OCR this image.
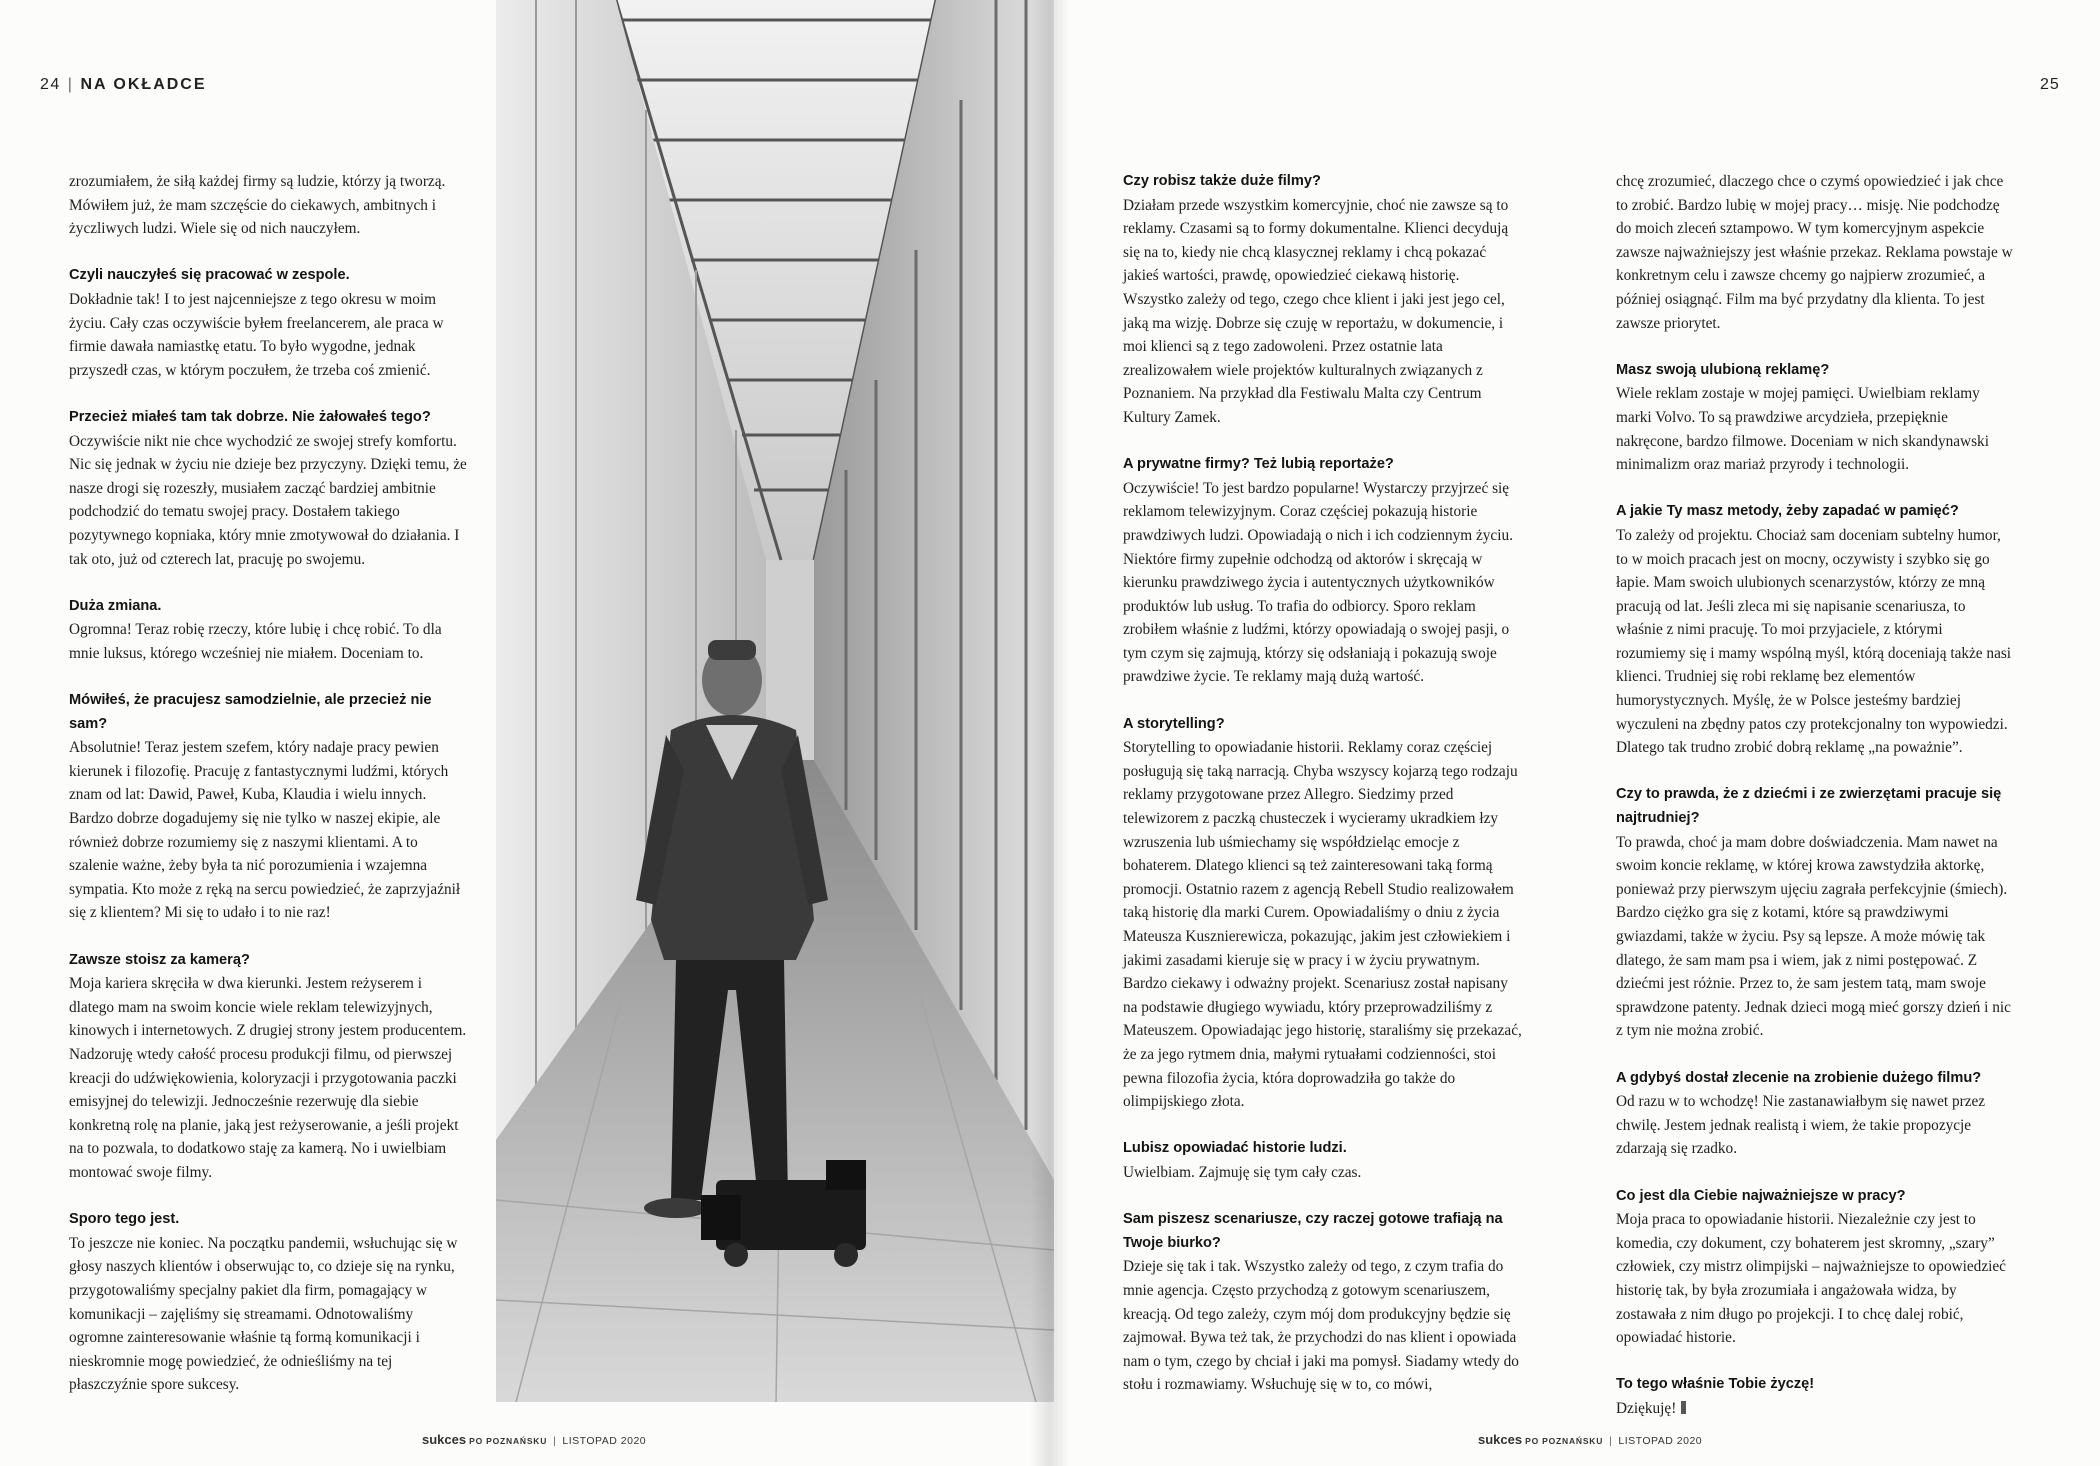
24 | NA OKŁADCE	25

zrozumiałem, że siłą każdej firmy są ludzie, którzy ją tworzą. Mówiłem już, że mam szczęście do ciekawych, ambitnych i życzliwych ludzi. Wiele się od nich nauczyłem.

Czyli nauczyłeś się pracować w zespole.

Dokładnie tak! I to jest najcenniejsze z tego okresu w moim życiu. Cały czas oczywiście byłem freelancerem, ale praca w firmie dawała namiastkę etatu. To było wygodne, jednak przyszedł czas, w którym poczułem, że trzeba coś zmienić.

Przecież miałeś tam tak dobrze. Nie żałowałeś tego?

Oczywiście nikt nie chce wychodzić ze swojej strefy komfortu. Nic się jednak w życiu nie dzieje bez przyczyny. Dzięki temu, że nasze drogi się rozeszły, musiałem zacząć bardziej ambitnie podchodzić do tematu swojej pracy. Dostałem takiego pozytywnego kopniaka, który mnie zmotywował do działania. I tak oto, już od czterech lat, pracuję po swojemu.

Duża zmiana.

Ogromna! Teraz robię rzeczy, które lubię i chcę robić. To dla mnie luksus, którego wcześniej nie miałem. Doceniam to.

Mówiłeś, że pracujesz samodzielnie, ale przecież nie sam?

Absolutnie! Teraz jestem szefem, który nadaje pracy pewien kierunek i filozofię. Pracuję z fantastycznymi ludźmi, których znam od lat: Dawid, Paweł, Kuba, Klaudia i wielu innych. Bardzo dobrze dogadujemy się nie tylko w naszej ekipie, ale również dobrze rozumiemy się z naszymi klientami. A to szalenie ważne, żeby była ta nić porozumienia i wzajemna sympatia. Kto może z ręką na sercu powiedzieć, że zaprzyjaźnił się z klientem? Mi się to udało i to nie raz!

Zawsze stoisz za kamerą?

Moja kariera skręciła w dwa kierunki. Jestem reżyserem i dlatego mam na swoim koncie wiele reklam telewizyjnych, kinowych i internetowych. Z drugiej strony jestem producentem. Nadzoruję wtedy całość procesu produkcji filmu, od pierwszej kreacji do udźwiękowienia, koloryzacji i przygotowania paczki emisyjnej do telewizji. Jednocześnie rezerwuję dla siebie konkretną rolę na planie, jaką jest reżyserowanie, a jeśli projekt na to pozwala, to dodatkowo staję za kamerą. No i uwielbiam montować swoje filmy.

Sporo tego jest.

To jeszcze nie koniec. Na początku pandemii, wsłuchując się w głosy naszych klientów i obserwując to, co dzieje się na rynku, przygotowaliśmy specjalny pakiet dla firm, pomagający w komunikacji – zajęliśmy się streamami. Odnotowaliśmy ogromne zainteresowanie właśnie tą formą komunikacji i nieskromnie mogę powiedzieć, że odnieśliśmy na tej płaszczyźnie spore sukcesy.

Czy robisz także duże filmy?

Działam przede wszystkim komercyjnie, choć nie zawsze są to reklamy. Czasami są to formy dokumentalne. Klienci decydują się na to, kiedy nie chcą klasycznej reklamy i chcą pokazać jakieś wartości, prawdę, opowiedzieć ciekawą historię. Wszystko zależy od tego, czego chce klient i jaki jest jego cel, jaką ma wizję. Dobrze się czuję w reportażu, w dokumencie, i moi klienci są z tego zadowoleni. Przez ostatnie lata zrealizowałem wiele projektów kulturalnych związanych z Poznaniem. Na przykład dla Festiwalu Malta czy Centrum Kultury Zamek.

A prywatne firmy? Też lubią reportaże?

Oczywiście! To jest bardzo popularne! Wystarczy przyjrzeć się reklamom telewizyjnym. Coraz częściej pokazują historie prawdziwych ludzi. Opowiadają o nich i ich codziennym życiu. Niektóre firmy zupełnie odchodzą od aktorów i skręcają w kierunku prawdziwego życia i autentycznych użytkowników produktów lub usług. To trafia do odbiorcy. Sporo reklam zrobiłem właśnie z ludźmi, którzy opowiadają o swojej pasji, o tym czym się zajmują, którzy się odsłaniają i pokazują swoje prawdziwe życie. Te reklamy mają dużą wartość.

A storytelling?

Storytelling to opowiadanie historii. Reklamy coraz częściej posługują się taką narracją. Chyba wszyscy kojarzą tego rodzaju reklamy przygotowane przez Allegro. Siedzimy przed telewizorem z paczką chusteczek i wycieramy ukradkiem łzy wzruszenia lub uśmiechamy się współdzieląc emocje z bohaterem. Dlatego klienci są też zainteresowani taką formą promocji. Ostatnio razem z agencją Rebell Studio realizowałem taką historię dla marki Curem. Opowiadaliśmy o dniu z życia Mateusza Kusznierewicza, pokazując, jakim jest człowiekiem i jakimi zasadami kieruje się w pracy i w życiu prywatnym. Bardzo ciekawy i odważny projekt. Scenariusz został napisany na podstawie długiego wywiadu, który przeprowadziliśmy z Mateuszem. Opowiadając jego historię, staraliśmy się przekazać, że za jego rytmem dnia, małymi rytuałami codzienności, stoi pewna filozofia życia, która doprowadziła go także do olimpijskiego złota.

Lubisz opowiadać historie ludzi.

Uwielbiam. Zajmuję się tym cały czas.

Sam piszesz scenariusze, czy raczej gotowe trafiają na Twoje biurko?

Dzieje się tak i tak. Wszystko zależy od tego, z czym trafia do mnie agencja. Często przychodzą z gotowym scenariuszem, kreacją. Od tego zależy, czym mój dom produkcyjny będzie się zajmował. Bywa też tak, że przychodzi do nas klient i opowiada nam o tym, czego by chciał i jaki ma pomysł. Siadamy wtedy do stołu i rozmawiamy. Wsłuchuję się w to, co mówi,

chcę zrozumieć, dlaczego chce o czymś opowiedzieć i jak chce to zrobić. Bardzo lubię w mojej pracy… misję. Nie podchodzę do moich zleceń sztampowo. W tym komercyjnym aspekcie zawsze najważniejszy jest właśnie przekaz. Reklama powstaje w konkretnym celu i zawsze chcemy go najpierw zrozumieć, a później osiągnąć. Film ma być przydatny dla klienta. To jest zawsze priorytet.

Masz swoją ulubioną reklamę?

Wiele reklam zostaje w mojej pamięci. Uwielbiam reklamy marki Volvo. To są prawdziwe arcydzieła, przepięknie nakręcone, bardzo filmowe. Doceniam w nich skandynawski minimalizm oraz mariaż przyrody i technologii.

A jakie Ty masz metody, żeby zapadać w pamięć?

To zależy od projektu. Chociaż sam doceniam subtelny humor, to w moich pracach jest on mocny, oczywisty i szybko się go łapie. Mam swoich ulubionych scenarzystów, którzy ze mną pracują od lat. Jeśli zleca mi się napisanie scenariusza, to właśnie z nimi pracuję. To moi przyjaciele, z którymi rozumiemy się i mamy wspólną myśl, którą doceniają także nasi klienci. Trudniej się robi reklamę bez elementów humorystycznych. Myślę, że w Polsce jesteśmy bardziej wyczuleni na zbędny patos czy protekcjonalny ton wypowiedzi. Dlatego tak trudno zrobić dobrą reklamę „na poważnie”.

Czy to prawda, że z dziećmi i ze zwierzętami pracuje się najtrudniej?

To prawda, choć ja mam dobre doświadczenia. Mam nawet na swoim koncie reklamę, w której krowa zawstydziła aktorkę, ponieważ przy pierwszym ujęciu zagrała perfekcyjnie (śmiech). Bardzo ciężko gra się z kotami, które są prawdziwymi gwiazdami, także w życiu. Psy są lepsze. A może mówię tak dlatego, że sam mam psa i wiem, jak z nimi postępować. Z dziećmi jest różnie. Przez to, że sam jestem tatą, mam swoje sprawdzone patenty. Jednak dzieci mogą mieć gorszy dzień i nic z tym nie można zrobić.

A gdybyś dostał zlecenie na zrobienie dużego filmu?

Od razu w to wchodzę! Nie zastanawiałbym się nawet przez chwilę. Jestem jednak realistą i wiem, że takie propozycje zdarzają się rzadko.

Co jest dla Ciebie najważniejsze w pracy?

Moja praca to opowiadanie historii. Niezależnie czy jest to komedia, czy dokument, czy bohaterem jest skromny, „szary” człowiek, czy mistrz olimpijski – najważniejsze to opowiedzieć historię tak, by była zrozumiała i angażowała widza, by zostawała z nim długo po projekcji. I to chcę dalej robić, opowiadać historie.

To tego właśnie Tobie życzę!

Dziękuję!

sukces PO POZNAŃSKU | LISTOPAD 2020	sukces PO POZNAŃSKU | LISTOPAD 2020
